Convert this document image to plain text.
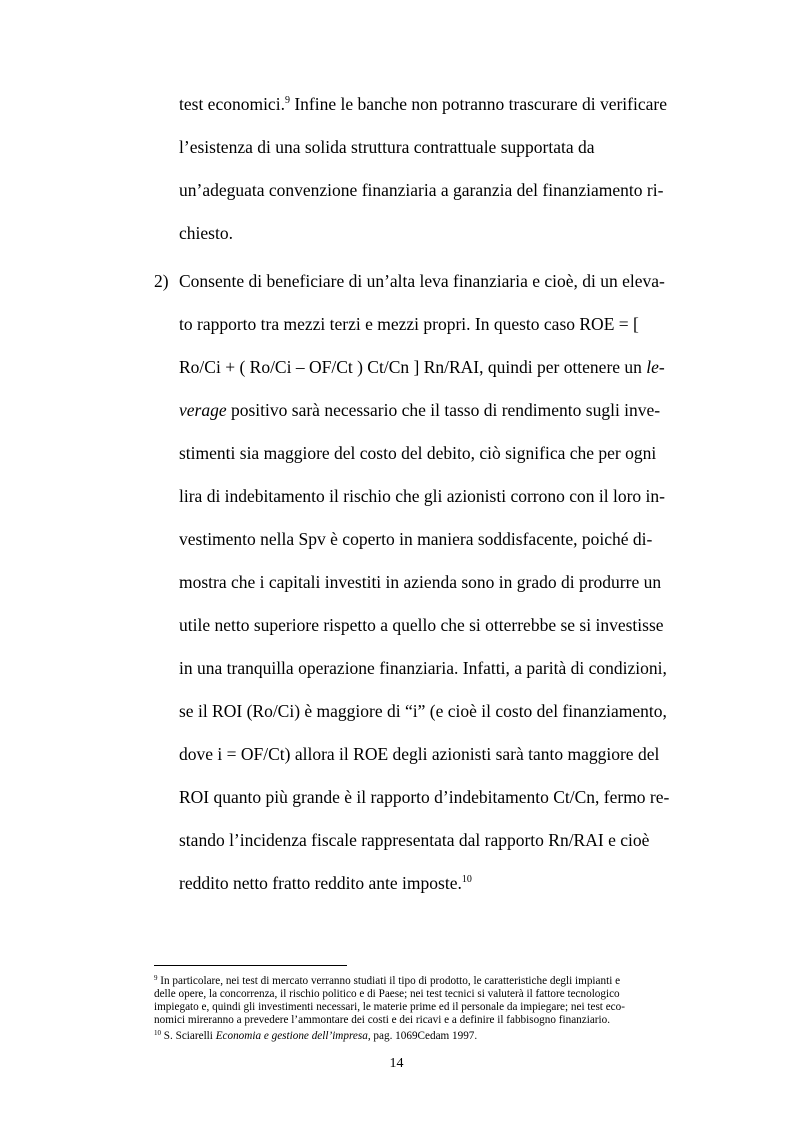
test economici.$^9$ Infine le banche non potranno trascurare di verificare
l’esistenza di una solida struttura contrattuale supportata da
un’adeguata convenzione finanziaria a garanzia del finanziamento ri-
chiesto.
2) Consente di beneficiare di un’alta leva finanziaria e cioè, di un eleva-
to rapporto tra mezzi terzi e mezzi propri. In questo caso ROE = [
Ro/Ci + ( Ro/Ci – OF/Ct ) Ct/Cn ] Rn/RAI, quindi per ottenere un le-
verage positivo sarà necessario che il tasso di rendimento sugli inve-
stimenti sia maggiore del costo del debito, ciò significa che per ogni
lira di indebitamento il rischio che gli azionisti corrono con il loro in-
vestimento nella Spv è coperto in maniera soddisfacente, poiché di-
mostra che i capitali investiti in azienda sono in grado di produrre un
utile netto superiore rispetto a quello che si otterrebbe se si investisse
in una tranquilla operazione finanziaria. Infatti, a parità di condizioni,
se il ROI (Ro/Ci) è maggiore di “i” (e cioè il costo del finanziamento,
dove i = OF/Ct) allora il ROE degli azionisti sarà tanto maggiore del
ROI quanto più grande è il rapporto d’indebitamento Ct/Cn, fermo re-
stando l’incidenza fiscale rappresentata dal rapporto Rn/RAI e cioè
reddito netto fratto reddito ante imposte.$^{10}$
$^9$ In particolare, nei test di mercato verranno studiati il tipo di prodotto, le caratteristiche degli impianti e
delle opere, la concorrenza, il rischio politico e di Paese; nei test tecnici si valuterà il fattore tecnologico
impiegato e, quindi gli investimenti necessari, le materie prime ed il personale da impiegare; nei test eco-
nomici mireranno a prevedere l’ammontare dei costi e dei ricavi e a definire il fabbisogno finanziario.
$^{10}$ S. Sciarelli Economia e gestione dell’impresa, pag. 1069Cedam 1997.
14
